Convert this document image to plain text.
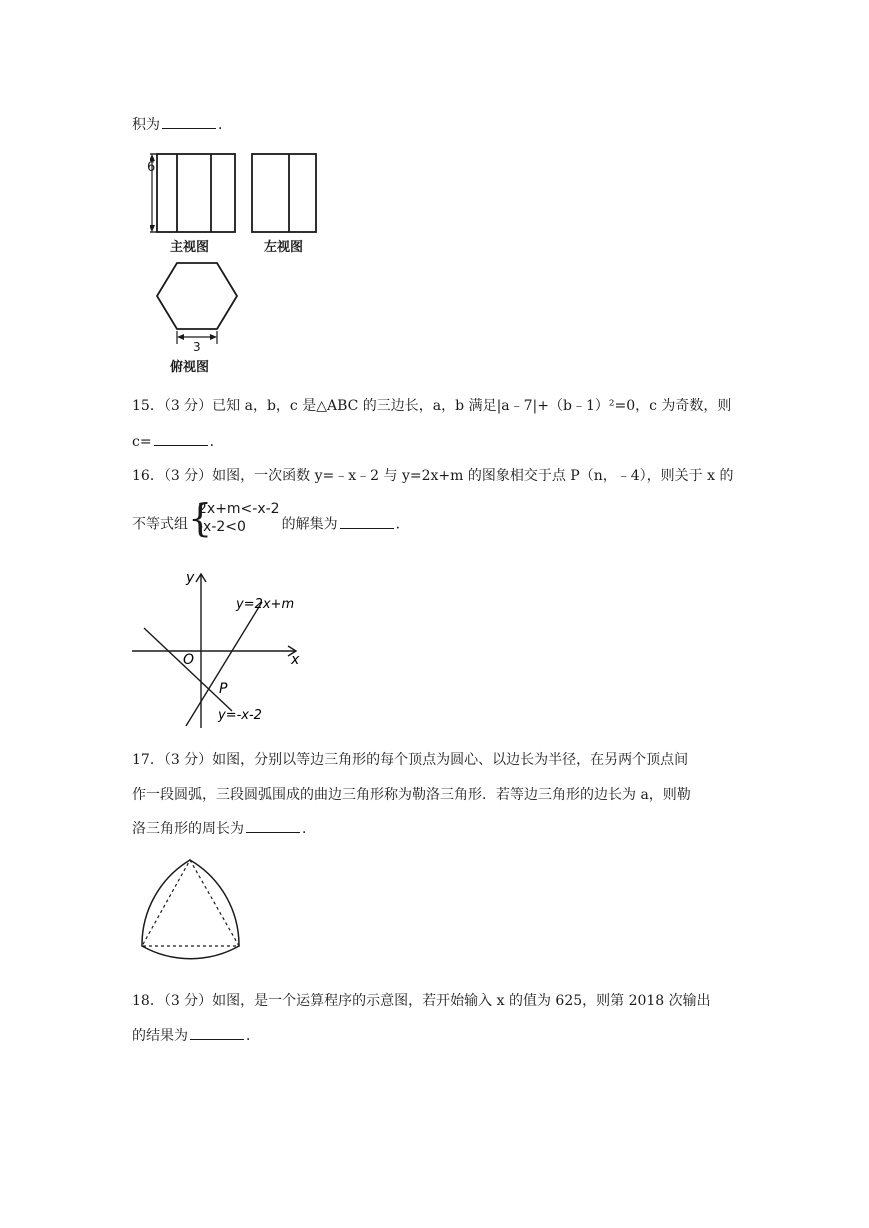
积为	．
6
主视图	左视图
3
俯视图
15．（3 分）已知 a，b，c 是△ABC 的三边长，a，b 满足|a﹣7|+（b﹣1）²=0，c 为奇数，则
c=	．
16．（3 分）如图，一次函数 y=﹣x﹣2 与 y=2x+m 的图象相交于点 P（n，﹣4），则关于 x 的
不等式组 {
2x+m<-x-2
-x-2<0	的解集为	．
y
x
O
P
y=2x+m
y=-x-2
17．（3 分）如图，分别以等边三角形的每个顶点为圆心、以边长为半径，在另两个顶点间
作一段圆弧，三段圆弧围成的曲边三角形称为勒洛三角形．若等边三角形的边长为 a，则勒
洛三角形的周长为	．
18．（3 分）如图，是一个运算程序的示意图，若开始输入 x 的值为 625，则第 2018 次输出
的结果为	．
